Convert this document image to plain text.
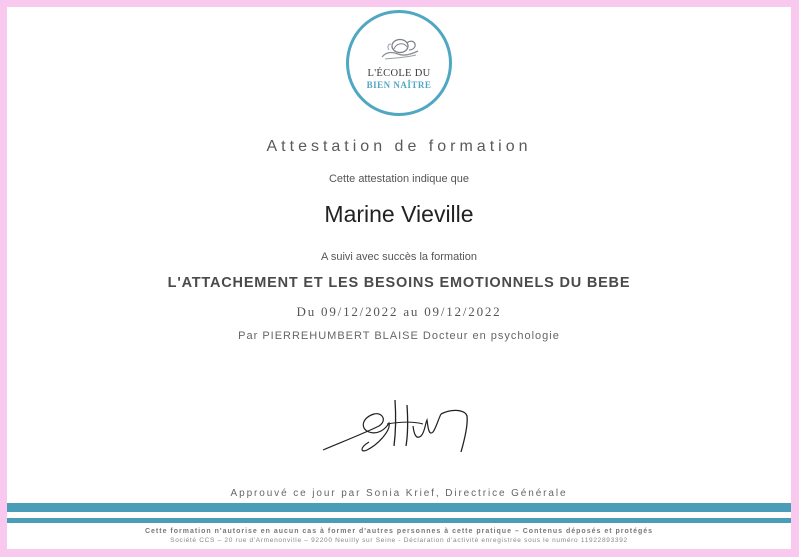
L'ÉCOLE DU
BIEN NAÎTRE
Attestation de formation
Cette attestation indique que
Marine Vieville
A suivi avec succès la formation
L'ATTACHEMENT ET LES BESOINS EMOTIONNELS DU BEBE
Du 09/12/2022 au 09/12/2022
Par PIERREHUMBERT BLAISE Docteur en psychologie
Approuvé ce jour par Sonia Krief, Directrice Générale
Cette formation n'autorise en aucun cas à former d'autres personnes à cette pratique – Contenus déposés et protégés
Société CCS – 20 rue d'Armenonville – 92200 Neuilly sur Seine - Déclaration d'activité enregistrée sous le numéro 11922893392
